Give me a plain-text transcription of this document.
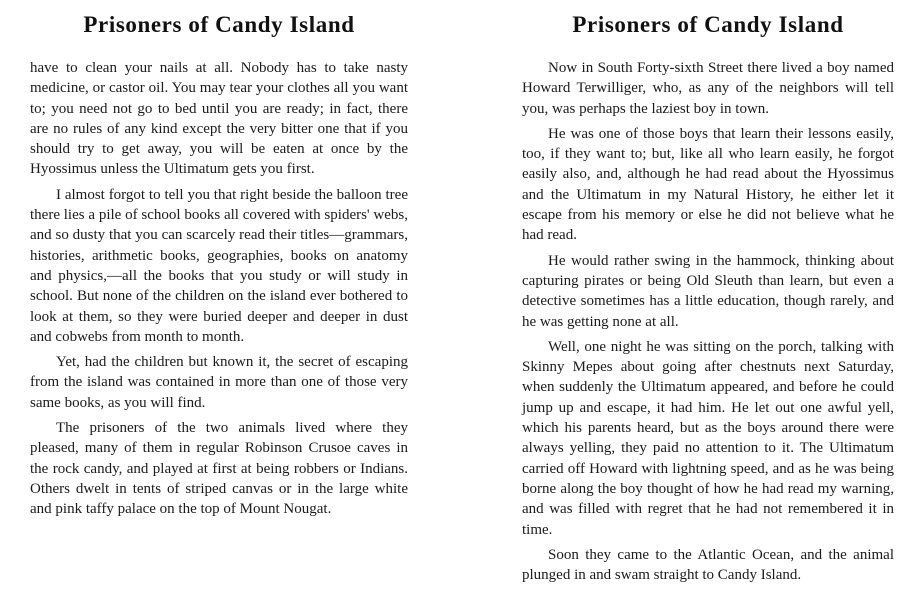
Prisoners of Candy Island

have to clean your nails at all. Nobody has to take nasty medicine, or castor oil. You may tear your clothes all you want to; you need not go to bed until you are ready; in fact, there are no rules of any kind except the very bitter one that if you should try to get away, you will be eaten at once by the Hyossimus unless the Ultimatum gets you first.

I almost forgot to tell you that right beside the balloon tree there lies a pile of school books all covered with spiders' webs, and so dusty that you can scarcely read their titles—grammars, histories, arithmetic books, geographies, books on anatomy and physics,—all the books that you study or will study in school. But none of the children on the island ever bothered to look at them, so they were buried deeper and deeper in dust and cobwebs from month to month.

Yet, had the children but known it, the secret of escaping from the island was contained in more than one of those very same books, as you will find.

The prisoners of the two animals lived where they pleased, many of them in regular Robinson Crusoe caves in the rock candy, and played at first at being robbers or Indians. Others dwelt in tents of striped canvas or in the large white and pink taffy palace on the top of Mount Nougat.

Prisoners of Candy Island

Now in South Forty-sixth Street there lived a boy named Howard Terwilliger, who, as any of the neighbors will tell you, was perhaps the laziest boy in town.

He was one of those boys that learn their lessons easily, too, if they want to; but, like all who learn easily, he forgot easily also, and, although he had read about the Hyossimus and the Ultimatum in my Natural History, he either let it escape from his memory or else he did not believe what he had read.

He would rather swing in the hammock, thinking about capturing pirates or being Old Sleuth than learn, but even a detective sometimes has a little education, though rarely, and he was getting none at all.

Well, one night he was sitting on the porch, talking with Skinny Mepes about going after chestnuts next Saturday, when suddenly the Ultimatum appeared, and before he could jump up and escape, it had him. He let out one awful yell, which his parents heard, but as the boys around there were always yelling, they paid no attention to it. The Ultimatum carried off Howard with lightning speed, and as he was being borne along the boy thought of how he had read my warning, and was filled with regret that he had not remembered it in time.

Soon they came to the Atlantic Ocean, and the animal plunged in and swam straight to Candy Island.
